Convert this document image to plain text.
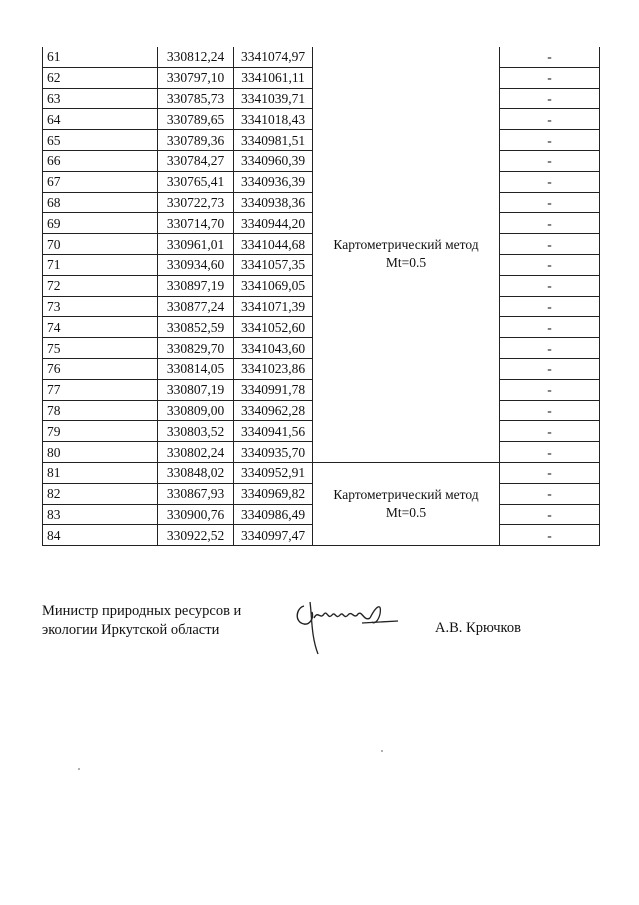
61	330812,24	3341074,97	Картометрический метод Mt=0.5	-
62	330797,10	3341061,11		-
63	330785,73	3341039,71		-
64	330789,65	3341018,43		-
65	330789,36	3340981,51		-
66	330784,27	3340960,39		-
67	330765,41	3340936,39		-
68	330722,73	3340938,36		-
69	330714,70	3340944,20		-
70	330961,01	3341044,68		-
71	330934,60	3341057,35		-
72	330897,19	3341069,05		-
73	330877,24	3341071,39		-
74	330852,59	3341052,60		-
75	330829,70	3341043,60		-
76	330814,05	3341023,86		-
77	330807,19	3340991,78		-
78	330809,00	3340962,28		-
79	330803,52	3340941,56		-
80	330802,24	3340935,70		-
81	330848,02	3340952,91	Картометрический метод Mt=0.5	-
82	330867,93	3340969,82		-
83	330900,76	3340986,49		-
84	330922,52	3340997,47		-
Министр природных ресурсов и
экологии Иркутской области	А.В. Крючков
